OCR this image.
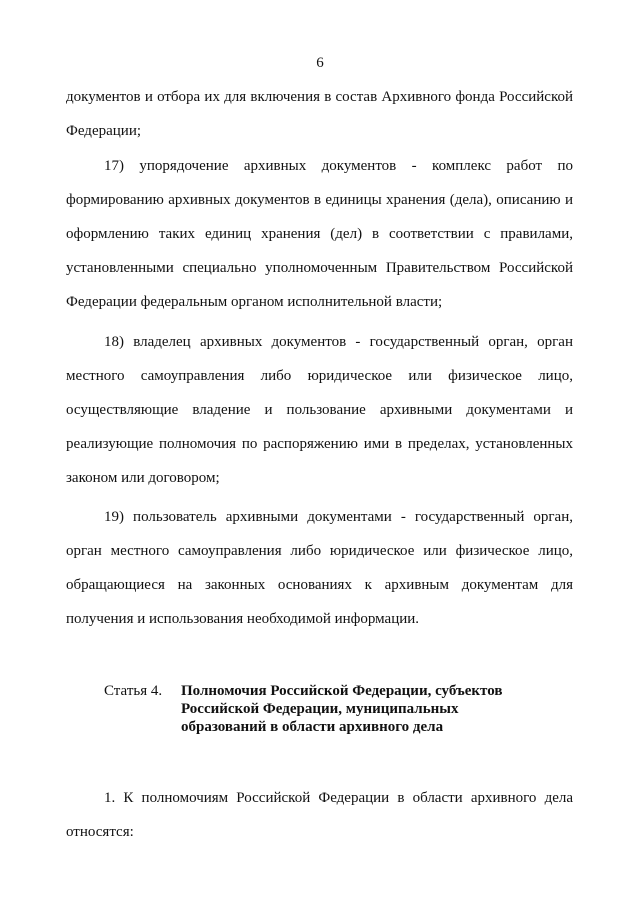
6

документов и отбора их для включения в состав Архивного фонда Российской Федерации;

17) упорядочение архивных документов - комплекс работ по формированию архивных документов в единицы хранения (дела), описанию и оформлению таких единиц хранения (дел) в соответствии с правилами, установленными специально уполномоченным Правительством Российской Федерации федеральным органом исполнительной власти;

18) владелец архивных документов - государственный орган, орган местного самоуправления либо юридическое или физическое лицо, осуществляющие владение и пользование архивными документами и реализующие полномочия по распоряжению ими в пределах, установленных законом или договором;

19) пользователь архивными документами - государственный орган, орган местного самоуправления либо юридическое или физическое лицо, обращающиеся на законных основаниях к архивным документам для получения и использования необходимой информации.

Статья 4.	Полномочия Российской Федерации, субъектов Российской Федерации, муниципальных образований в области архивного дела

1. К полномочиям Российской Федерации в области архивного дела относятся:
